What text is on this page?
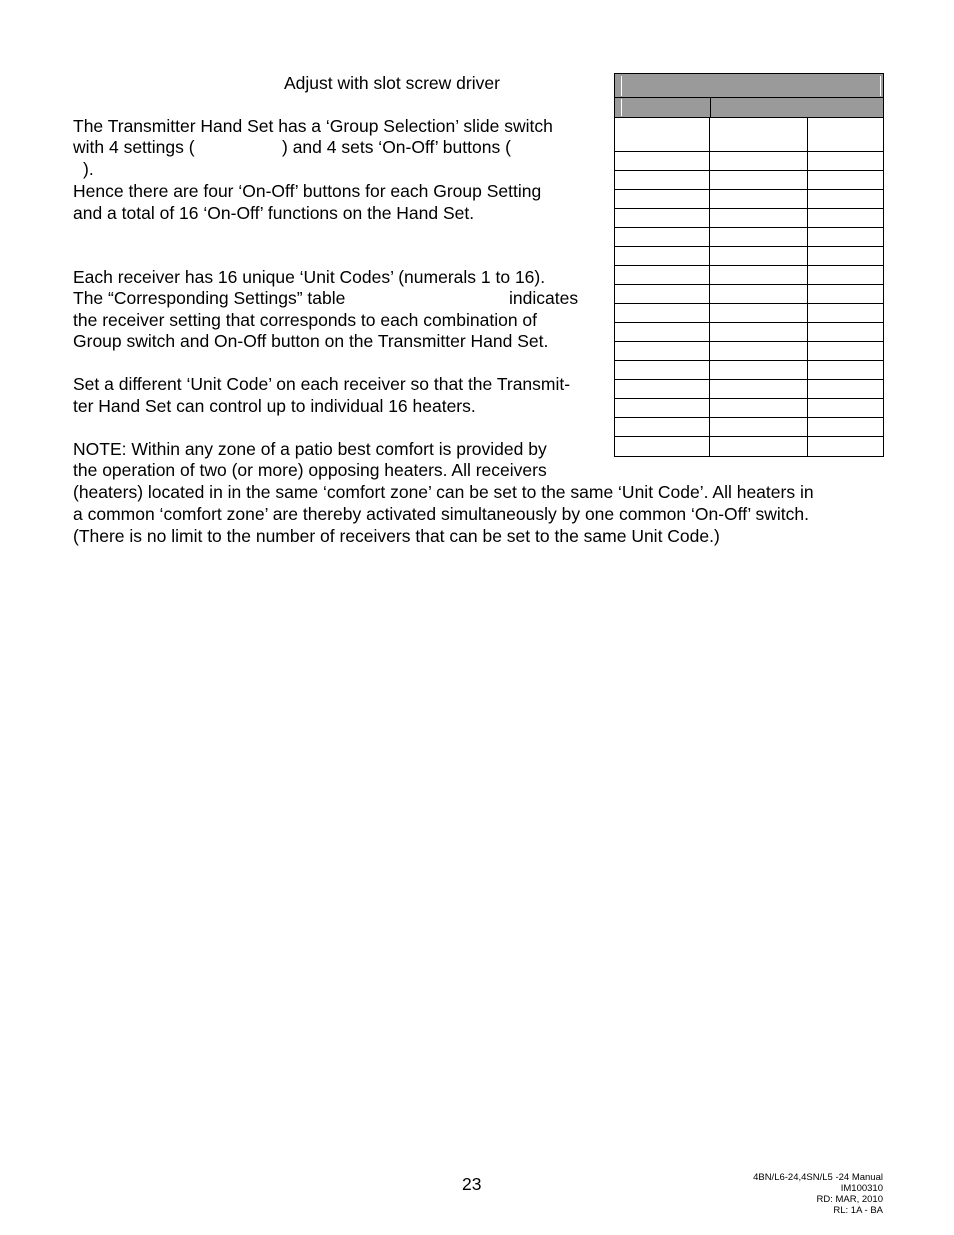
Adjust with slot screw driver
The Transmitter Hand Set has a ‘Group Selection’ slide switch
with 4 settings (	) and 4 sets ‘On-Off’ buttons (
).
Hence there are four ‘On-Off’ buttons for each Group Setting
and a total of 16 ‘On-Off’ functions on the Hand Set.
Each receiver has 16 unique ‘Unit Codes’ (numerals 1 to 16).
The “Corresponding Settings” table	indicates
the receiver setting that corresponds to each combination of
Group switch and On-Off button on the Transmitter Hand Set.
Set a different ‘Unit Code’ on each receiver so that the Transmit-
ter Hand Set can control up to individual 16 heaters.
NOTE: Within any zone of a patio best comfort is provided by
the operation of two (or more) opposing heaters. All receivers
(heaters) located in in the same ‘comfort zone’ can be set to the same ‘Unit Code’. All heaters in
a common ‘comfort zone’ are thereby activated simultaneously by one common ‘On-Off’ switch.
(There is no limit to the number of receivers that can be set to the same Unit Code.)
23	4BN/L6-24,4SN/L5 -24 Manual
IM100310
RD: MAR, 2010
RL: 1A - BA
